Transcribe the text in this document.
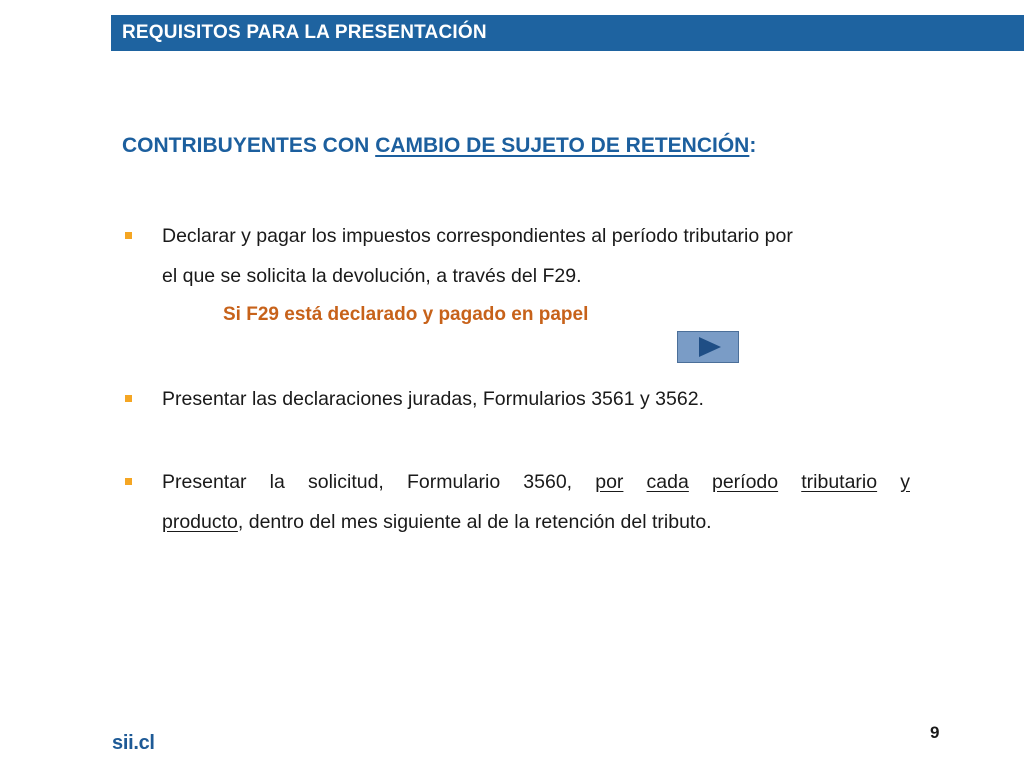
REQUISITOS PARA LA PRESENTACIÓN
CONTRIBUYENTES CON CAMBIO DE SUJETO DE RETENCIÓN:
Declarar y pagar los impuestos correspondientes al período tributario por
el que se solicita la devolución, a través del F29.
Si F29 está declarado y pagado en papel
Presentar las declaraciones juradas, Formularios 3561 y 3562.
Presentar la solicitud, Formulario 3560, por cada período tributario y
producto, dentro del mes siguiente al de la retención del tributo.
sii.cl	9
